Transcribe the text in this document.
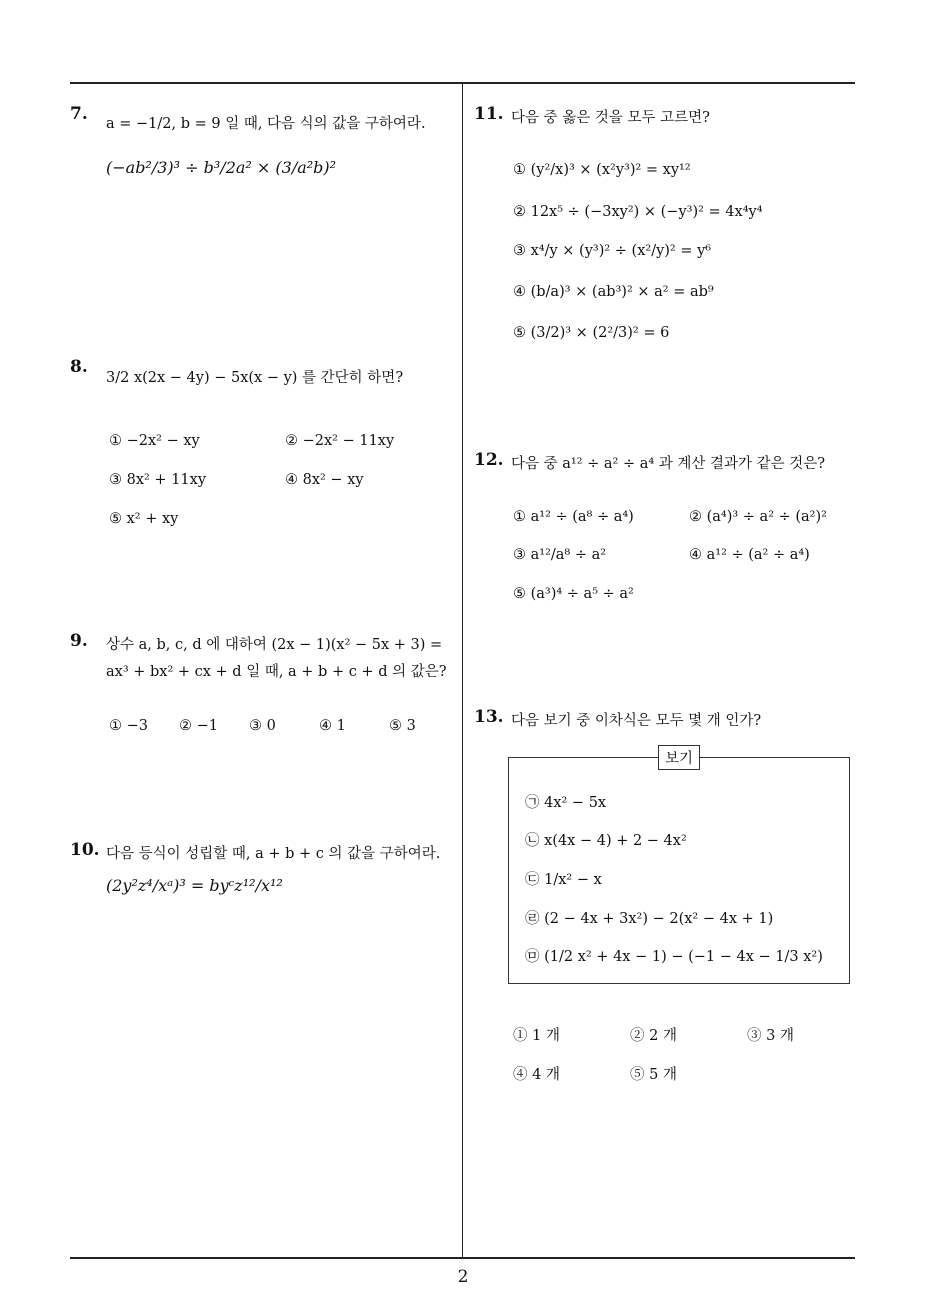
7. a = −1/2, b = 9 일 때, 다음 식의 값을 구하여라.
(−ab²/3)³ ÷ b³/2a² × (3/a²b)²
8.
3/2 x(2x − 4y) − 5x(x − y) 를 간단히 하면?
① −2x² − xy	② −2x² − 11xy
③ 8x² + 11xy	④ 8x² − xy
⑤ x² + xy
9. 상수 a, b, c, d 에 대하여 (2x − 1)(x² − 5x + 3) =
ax³ + bx² + cx + d 일 때, a + b + c + d 의 값은?
① −3 ② −1 ③ 0	④ 1	⑤ 3
10. 다음 등식이 성립할 때, a + b + c 의 값을 구하여라.
(2y²z⁴/xᵃ)³ = byᶜz¹²/x¹²
11. 다음 중 옳은 것을 모두 고르면?
① (y²/x)³ × (x²y³)² = xy¹²
② 12x⁵ ÷ (−3xy²) × (−y³)² = 4x⁴y⁴
③ x⁴/y × (y³)² ÷ (x²/y)² = y⁶
④ (b/a)³ × (ab³)² × a² = ab⁹
⑤ (3/2)³ × (2²/3)² = 6
12. 다음 중 a¹² ÷ a² ÷ a⁴ 과 계산 결과가 같은 것은?
① a¹² ÷ (a⁸ ÷ a⁴)	② (a⁴)³ ÷ a² ÷ (a²)²
③ a¹²/a⁸ ÷ a²	④ a¹² ÷ (a² ÷ a⁴)
⑤ (a³)⁴ ÷ a⁵ ÷ a²
13. 다음 보기 중 이차식은 모두 몇 개 인가?
보기
㉠ 4x² − 5x
㉡ x(4x − 4) + 2 − 4x²
㉢ 1/x² − x
㉣ (2 − 4x + 3x²) − 2(x² − 4x + 1)
㉤ (1/2 x² + 4x − 1) − (−1 − 4x − 1/3 x²)
① 1 개	② 2 개	③ 3 개
④ 4 개	⑤ 5 개
2
